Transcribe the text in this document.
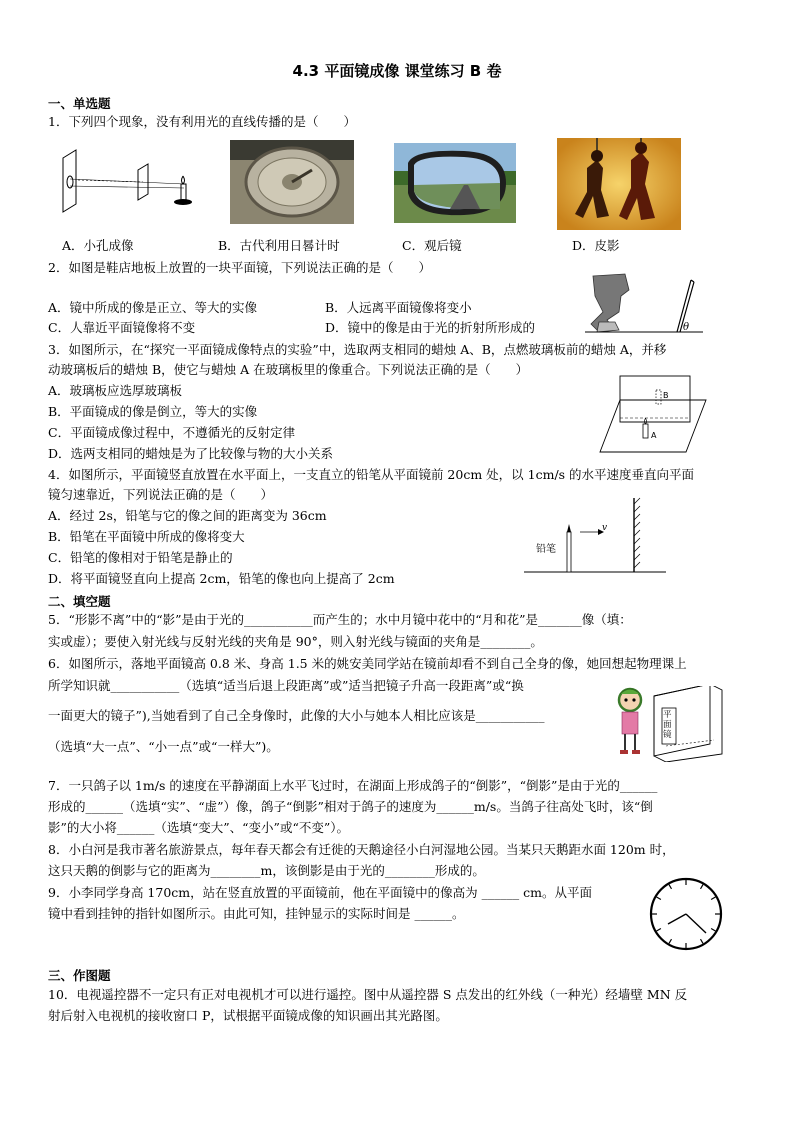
4.3 平面镜成像 课堂练习 B 卷
一、单选题
1．下列四个现象，没有利用光的直线传播的是（　　）
A．小孔成像	B．古代利用日晷计时	C．观后镜	D．皮影
2．如图是鞋店地板上放置的一块平面镜，下列说法正确的是（　　）
A．镜中所成的像是正立、等大的实像	B．人远离平面镜像将变小
C．人靠近平面镜像将不变	D．镜中的像是由于光的折射所形成的	θ
3．如图所示，在“探究一平面镜成像特点的实验”中，选取两支相同的蜡烛 A、B，点燃玻璃板前的蜡烛 A，并移
动玻璃板后的蜡烛 B，使它与蜡烛 A 在玻璃板里的像重合。下列说法正确的是（　　）
A．玻璃板应选厚玻璃板
B．平面镜成的像是倒立，等大的实像
C．平面镜成像过程中，不遵循光的反射定律
D．选两支相同的蜡烛是为了比较像与物的大小关系
B
A
4．如图所示，平面镜竖直放置在水平面上，一支直立的铅笔从平面镜前 20cm 处，以 1cm/s 的水平速度垂直向平面
镜匀速靠近，下列说法正确的是（　　）
A．经过 2s，铅笔与它的像之间的距离变为 36cm
B．铅笔在平面镜中所成的像将变大
C．铅笔的像相对于铅笔是静止的
D．将平面镜竖直向上提高 2cm，铅笔的像也向上提高了 2cm
v
铅笔
二、填空题
5．“形影不离”中的“影”是由于光的___________而产生的；水中月镜中花中的“月和花”是_______像（填：
实或虚）；要使入射光线与反射光线的夹角是 90°，则入射光线与镜面的夹角是________。
6．如图所示，落地平面镜高 0.8 米、身高 1.5 米的姚安美同学站在镜前却看不到自己全身的像，她回想起物理课上
所学知识就___________（选填“适当后退上段距离”或”适当把镜子升高一段距离”或“换
一面更大的镜子”),当她看到了自己全身像时，此像的大小与她本人相比应该是___________
（选填“大一点”、“小一点”或“一样大”)。
平面镜
7．一只鸽子以 1m/s 的速度在平静湖面上水平飞过时，在湖面上形成鸽子的“倒影”，“倒影”是由于光的______
形成的______（选填“实”、“虚”）像，鸽子“倒影”相对于鸽子的速度为______m/s。当鸽子往高处飞时，该“倒
影”的大小将______（选填“变大”、“变小”或“不变”）。
8．小白河是我市著名旅游景点，每年春天都会有迁徙的天鹅途径小白河湿地公园。当某只天鹅距水面 120m 时，
这只天鹅的倒影与它的距离为________m，该倒影是由于光的________形成的。
9．小李同学身高 170cm，站在竖直放置的平面镜前，他在平面镜中的像高为 ______ cm。从平面
镜中看到挂钟的指针如图所示。由此可知，挂钟显示的实际时间是 ______。
三、作图题
10．电视遥控器不一定只有正对电视机才可以进行遥控。图中从遥控器 S 点发出的红外线（一种光）经墙壁 MN 反
射后射入电视机的接收窗口 P，试根据平面镜成像的知识画出其光路图。
